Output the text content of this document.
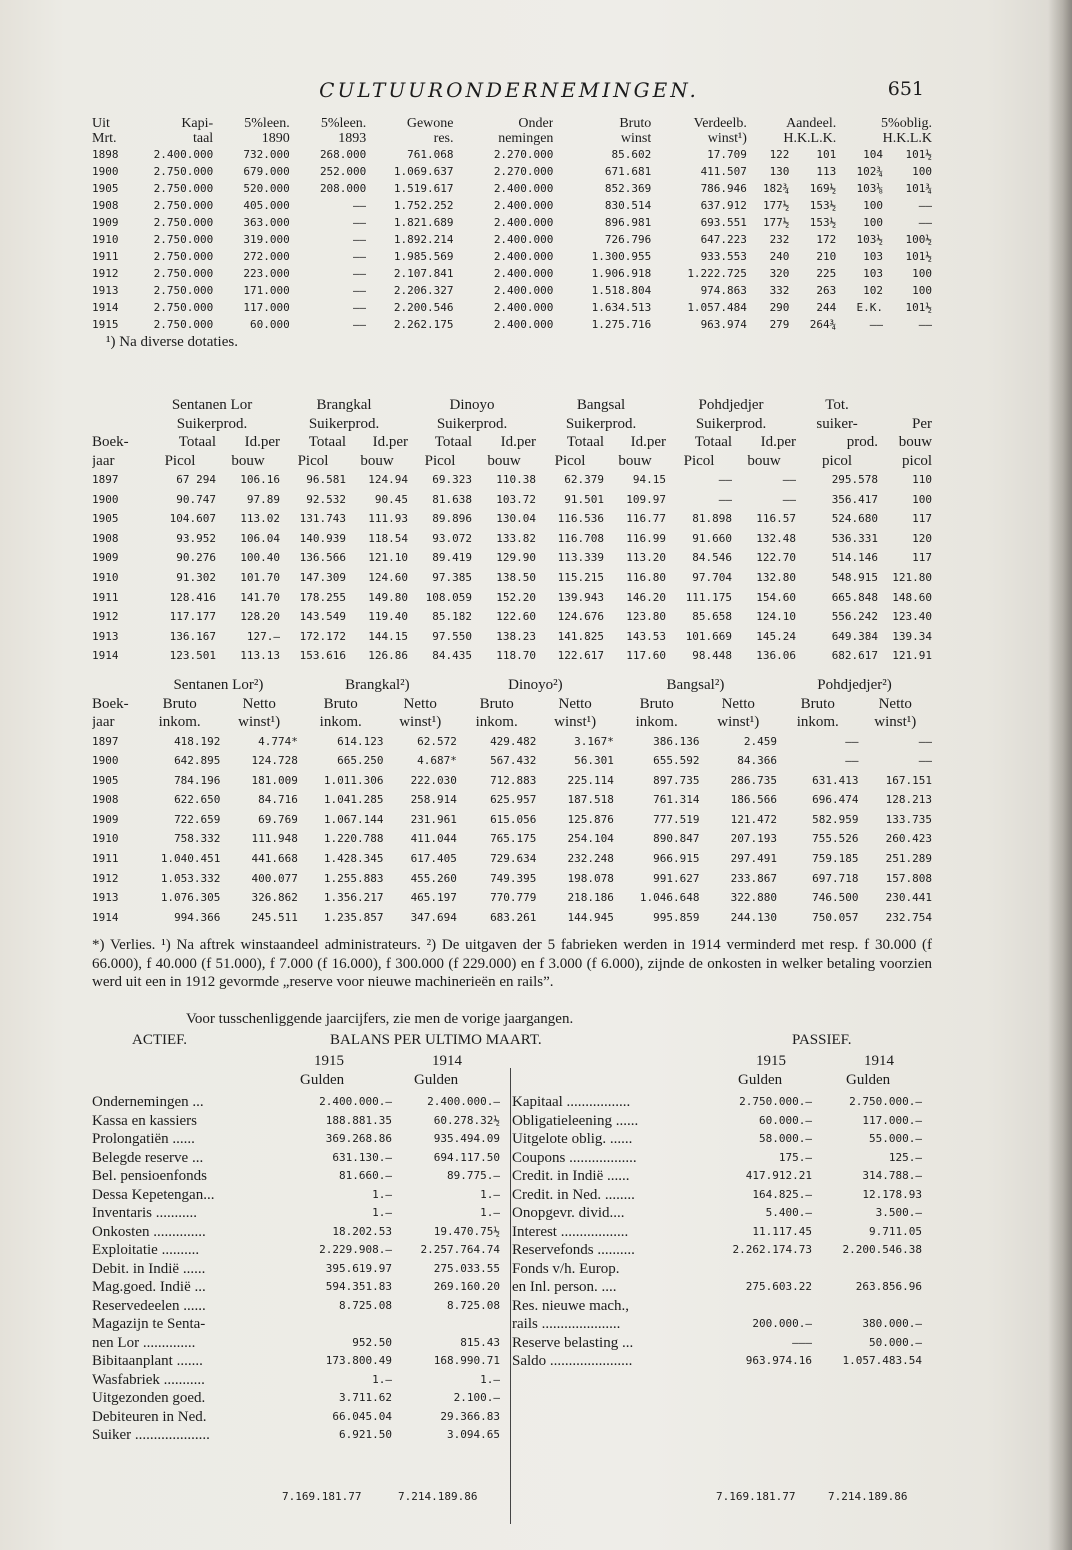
CULTUURONDERNEMINGEN.	651
Uit	Kapi-	5%leen.	5%leen.	Gewone	Onder	Bruto	Verdeelb.	Aandeel.		5%oblig.	
Mrt.	taal	1890	1893	res.	nemingen	winst	winst¹)	H.K.L.K.		H.K.L.K	
1898	2.400.000	732.000	268.000	761.068	2.270.000	85.602	17.709	122	101	104	101½
1900	2.750.000	679.000	252.000	1.069.637	2.270.000	671.681	411.507	130	113	102¾	100
1905	2.750.000	520.000	208.000	1.519.617	2.400.000	852.369	786.946	182¾	169½	103⅛	101¾
1908	2.750.000	405.000	——	1.752.252	2.400.000	830.514	637.912	177½	153½	100	——
1909	2.750.000	363.000	——	1.821.689	2.400.000	896.981	693.551	177½	153½	100	——
1910	2.750.000	319.000	——	1.892.214	2.400.000	726.796	647.223	232	172	103½	100½
1911	2.750.000	272.000	——	1.985.569	2.400.000	1.300.955	933.553	240	210	103	101½
1912	2.750.000	223.000	——	2.107.841	2.400.000	1.906.918	1.222.725	320	225	103	100
1913	2.750.000	171.000	——	2.206.327	2.400.000	1.518.804	974.863	332	263	102	100
1914	2.750.000	117.000	——	2.200.546	2.400.000	1.634.513	1.057.484	290	244	E.K.	101½
1915	2.750.000	60.000	——	2.262.175	2.400.000	1.275.716	963.974	279	264¾	——	——
¹) Na diverse dotaties.
	Sentanen Lor		Brangkal		Dinoyo		Bangsal		Pohdjedjer		Tot.	
	Suikerprod.		Suikerprod.		Suikerprod.		Suikerprod.		Suikerprod.		suiker-	Per
Boek-	Totaal	Id.per	Totaal	Id.per	Totaal	Id.per	Totaal	Id.per	Totaal	Id.per	prod.	bouw
jaar	Picol	bouw	Picol	bouw	Picol	bouw	Picol	bouw	Picol	bouw	picol	picol
1897	67 294	106.16	96.581	124.94	69.323	110.38	62.379	94.15	——	——	295.578	110
1900	90.747	97.89	92.532	90.45	81.638	103.72	91.501	109.97	——	——	356.417	100
1905	104.607	113.02	131.743	111.93	89.896	130.04	116.536	116.77	81.898	116.57	524.680	117
1908	93.952	106.04	140.939	118.54	93.072	133.82	116.708	116.99	91.660	132.48	536.331	120
1909	90.276	100.40	136.566	121.10	89.419	129.90	113.339	113.20	84.546	122.70	514.146	117
1910	91.302	101.70	147.309	124.60	97.385	138.50	115.215	116.80	97.704	132.80	548.915	121.80
1911	128.416	141.70	178.255	149.80	108.059	152.20	139.943	146.20	111.175	154.60	665.848	148.60
1912	117.177	128.20	143.549	119.40	85.182	122.60	124.676	123.80	85.658	124.10	556.242	123.40
1913	136.167	127.—	172.172	144.15	97.550	138.23	141.825	143.53	101.669	145.24	649.384	139.34
1914	123.501	113.13	153.616	126.86	84.435	118.70	122.617	117.60	98.448	136.06	682.617	121.91
	Sentanen Lor²)		Brangkal²)		Dinoyo²)		Bangsal²)		Pohdjedjer²)	
Boek-	Bruto	Netto	Bruto	Netto	Bruto	Netto	Bruto	Netto	Bruto	Netto
jaar	inkom.	winst¹)	inkom.	winst¹)	inkom.	winst¹)	inkom.	winst¹)	inkom.	winst¹)
1897	418.192	4.774*	614.123	62.572	429.482	3.167*	386.136	2.459	——	——
1900	642.895	124.728	665.250	4.687*	567.432	56.301	655.592	84.366	——	——
1905	784.196	181.009	1.011.306	222.030	712.883	225.114	897.735	286.735	631.413	167.151
1908	622.650	84.716	1.041.285	258.914	625.957	187.518	761.314	186.566	696.474	128.213
1909	722.659	69.769	1.067.144	231.961	615.056	125.876	777.519	121.472	582.959	133.735
1910	758.332	111.948	1.220.788	411.044	765.175	254.104	890.847	207.193	755.526	260.423
1911	1.040.451	441.668	1.428.345	617.405	729.634	232.248	966.915	297.491	759.185	251.289
1912	1.053.332	400.077	1.255.883	455.260	749.395	198.078	991.627	233.867	697.718	157.808
1913	1.076.305	326.862	1.356.217	465.197	770.779	218.186	1.046.648	322.880	746.500	230.441
1914	994.366	245.511	1.235.857	347.694	683.261	144.945	995.859	244.130	750.057	232.754
*) Verlies. ¹) Na aftrek winstaandeel administrateurs. ²) De uitgaven der 5 fabrieken werden in 1914 verminderd met resp. f 30.000 (f 66.000), f 40.000 (f 51.000), f 7.000 (f 16.000), f 300.000 (f 229.000) en f 3.000 (f 6.000), zijnde de onkosten in welker betaling voorzien werd uit een in 1912 gevormde „reserve voor nieuwe machinerieën en rails”.
Voor tusschenliggende jaarcijfers, zie men de vorige jaargangen.
ACTIEF.	BALANS PER ULTIMO MAART.	PASSIEF.
1915	1914	1915	1914
Gulden	Gulden	Gulden	Gulden
Ondernemingen ...	2.400.000.—	2.400.000.—
Kassa en kassiers	188.881.35	60.278.32½
Prolongatiën ......	369.268.86	935.494.09
Belegde reserve ...	631.130.—	694.117.50
Bel. pensioenfonds	81.660.—	89.775.—
Dessa Kepetengan...	1.—	1.—
Inventaris ...........	1.—	1.—
Onkosten ..............	18.202.53	19.470.75½
Exploitatie ..........	2.229.908.—	2.257.764.74
Debit. in Indië ......	395.619.97	275.033.55
Mag.goed. Indië ...	594.351.83	269.160.20
Reservedeelen ......	8.725.08	8.725.08
Magazijn te Senta-		
nen Lor ..............	952.50	815.43
Bibitaanplant .......	173.800.49	168.990.71
Wasfabriek ...........	1.—	1.—
Uitgezonden goed.	3.711.62	2.100.—
Debiteuren in Ned.	66.045.04	29.366.83
Suiker ....................	6.921.50	3.094.65
Kapitaal .................	2.750.000.—	2.750.000.—
Obligatieleening ......	60.000.—	117.000.—
Uitgelote oblig. ......	58.000.—	55.000.—
Coupons ..................	175.—	125.—
Credit. in Indië ......	417.912.21	314.788.—
Credit. in Ned. ........	164.825.—	12.178.93
Onopgevr. divid....	5.400.—	3.500.—
Interest ..................	11.117.45	9.711.05
Reservefonds ..........	2.262.174.73	2.200.546.38
Fonds v/h. Europ.		
en Inl. person. ....	275.603.22	263.856.96
Res. nieuwe mach.,		
rails .....................	200.000.—	380.000.—
Reserve belasting ...	———	50.000.—
Saldo ......................	963.974.16	1.057.483.54
7.169.181.77	7.214.189.86	7.169.181.77	7.214.189.86
